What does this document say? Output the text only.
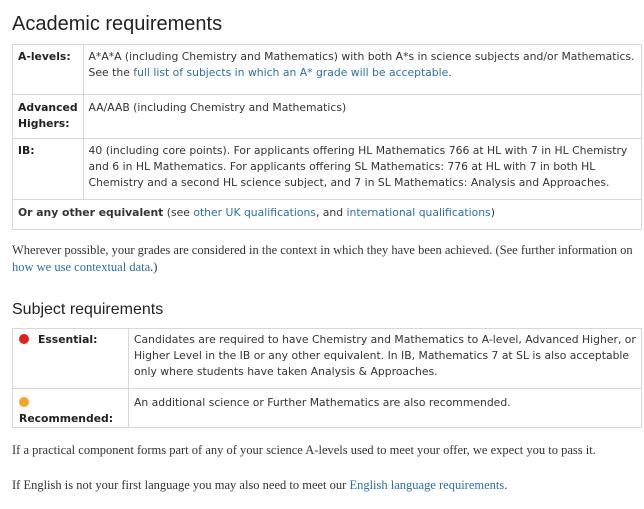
Academic requirements
A-levels:	A*A*A (including Chemistry and Mathematics) with both A*s in science subjects and/or Mathematics. See the full list of subjects in which an A* grade will be acceptable.
Advanced Highers:	AA/AAB (including Chemistry and Mathematics)
IB:	40 (including core points). For applicants offering HL Mathematics 766 at HL with 7 in HL Chemistry and 6 in HL Mathematics. For applicants offering SL Mathematics: 776 at HL with 7 in both HL Chemistry and a second HL science subject, and 7 in SL Mathematics: Analysis and Approaches.
Or any other equivalent (see other UK qualifications, and international qualifications)	

Wherever possible, your grades are considered in the context in which they have been achieved. (See further information on how we use contextual data.)

Subject requirements
Essential:	Candidates are required to have Chemistry and Mathematics to A-level, Advanced Higher, or Higher Level in the IB or any other equivalent. In IB, Mathematics 7 at SL is also acceptable only where students have taken Analysis & Approaches.
Recommended:	An additional science or Further Mathematics are also recommended.

If a practical component forms part of any of your science A-levels used to meet your offer, we expect you to pass it.

If English is not your first language you may also need to meet our English language requirements.
